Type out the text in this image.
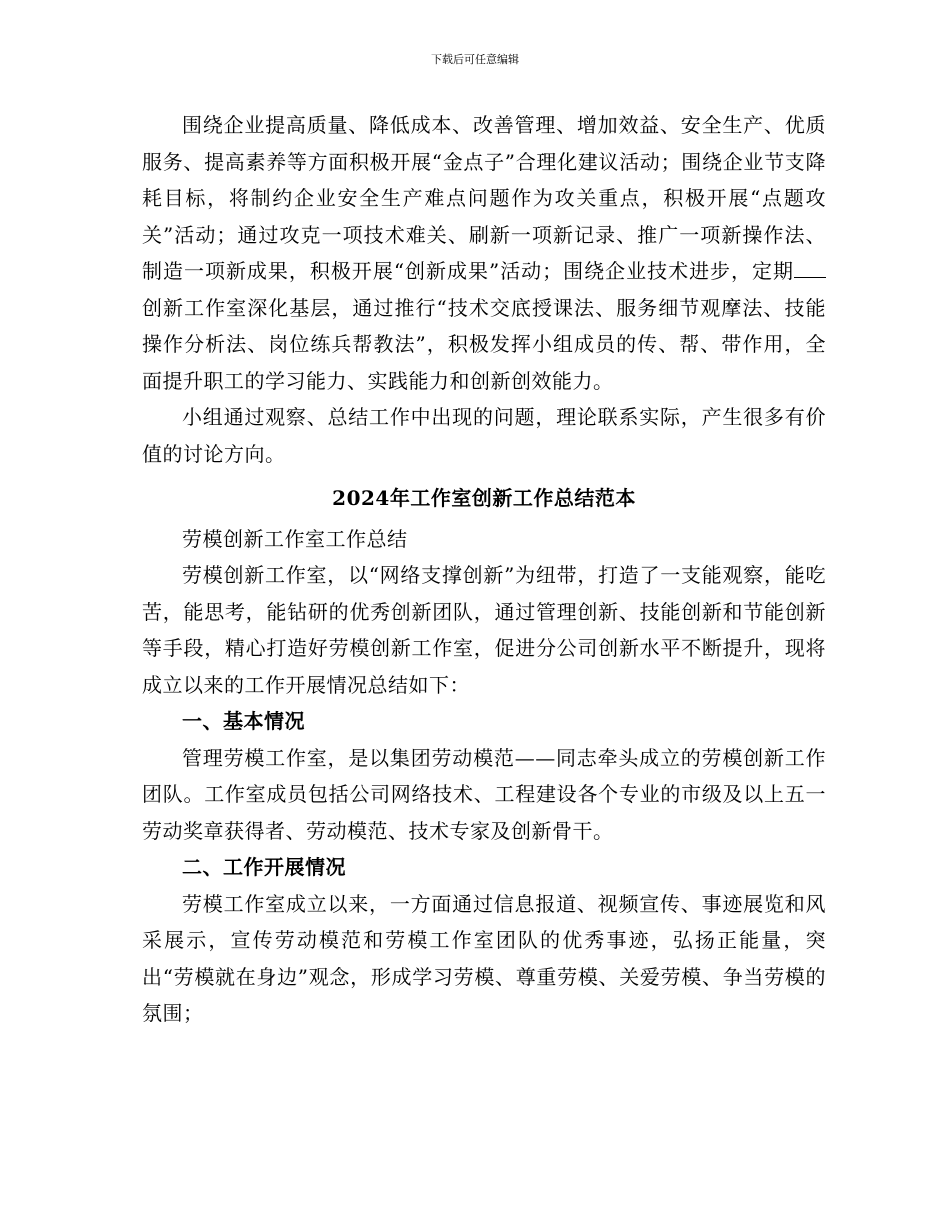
下载后可任意编辑

围绕企业提高质量、降低成本、改善管理、增加效益、安全生产、优质服务、提高素养等方面积极开展“金点子”合理化建议活动；围绕企业节支降耗目标，将制约企业安全生产难点问题作为攻关重点，积极开展“点题攻关”活动；通过攻克一项技术难关、刷新一项新记录、推广一项新操作法、制造一项新成果，积极开展“创新成果”活动；围绕企业技术进步，定期创新工作室深化基层，通过推行“技术交底授课法、服务细节观摩法、技能操作分析法、岗位练兵帮教法”，积极发挥小组成员的传、帮、带作用，全面提升职工的学习能力、实践能力和创新创效能力。

小组通过观察、总结工作中出现的问题，理论联系实际，产生很多有价值的讨论方向。

2024年工作室创新工作总结范本

劳模创新工作室工作总结

劳模创新工作室，以“网络支撑创新”为纽带，打造了一支能观察，能吃苦，能思考，能钻研的优秀创新团队，通过管理创新、技能创新和节能创新等手段，精心打造好劳模创新工作室，促进分公司创新水平不断提升，现将成立以来的工作开展情况总结如下：

一、基本情况

管理劳模工作室，是以集团劳动模范——同志牵头成立的劳模创新工作团队。工作室成员包括公司网络技术、工程建设各个专业的市级及以上五一劳动奖章获得者、劳动模范、技术专家及创新骨干。

二、工作开展情况

劳模工作室成立以来，一方面通过信息报道、视频宣传、事迹展览和风采展示，宣传劳动模范和劳模工作室团队的优秀事迹，弘扬正能量，突出“劳模就在身边”观念，形成学习劳模、尊重劳模、关爱劳模、争当劳模的氛围；
